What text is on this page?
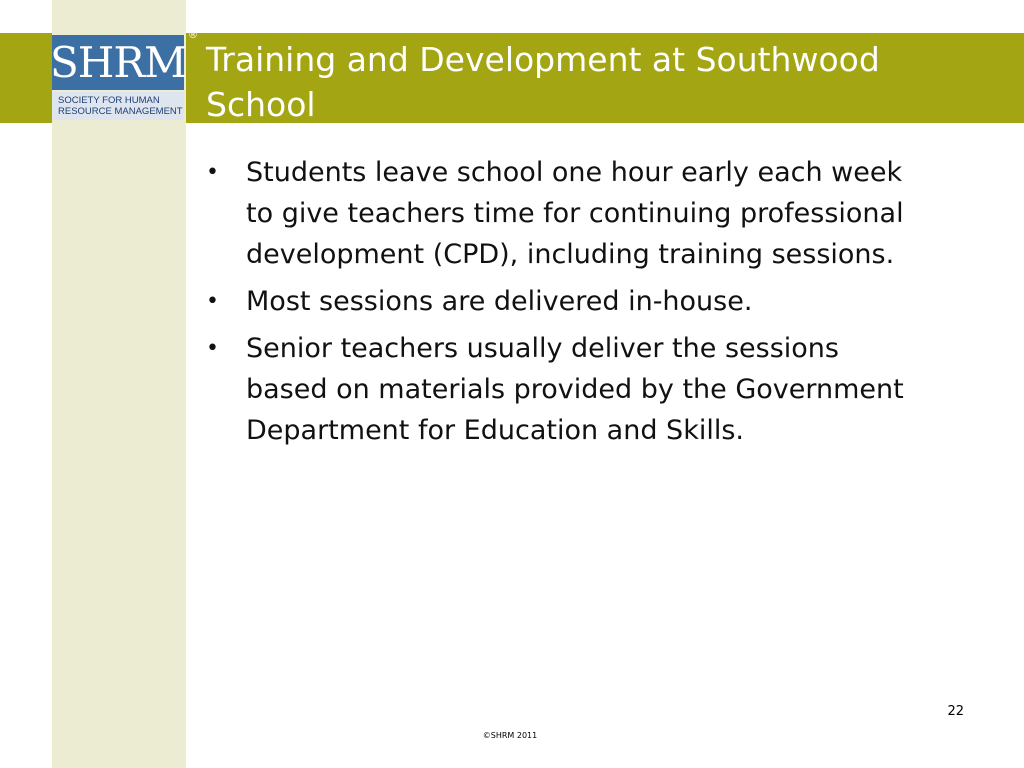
SHRM
SOCIETY FOR HUMAN
RESOURCE MANAGEMENT
®
Training and Development at Southwood School
• Students leave school one hour early each week to give teachers time for continuing professional development (CPD), including training sessions.
• Most sessions are delivered in-house.
• Senior teachers usually deliver the sessions based on materials provided by the Government Department for Education and Skills.
22
©SHRM 2011
